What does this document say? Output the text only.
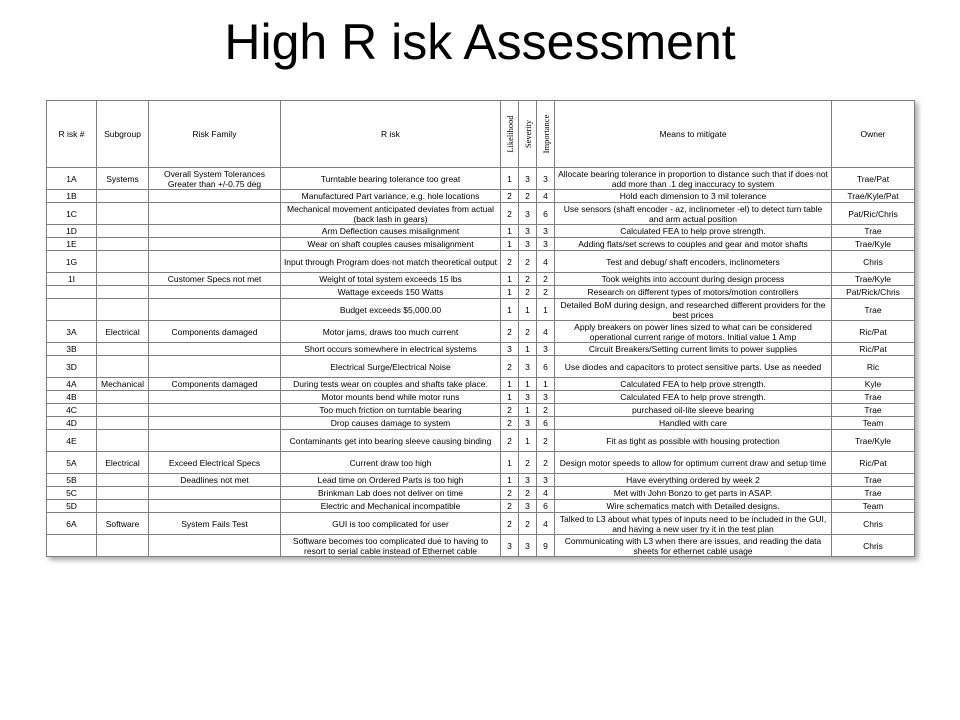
High R isk Assessment
R isk #	Subgroup	Risk Family	R isk	Likelihood	Severity	Importance	Means to mitigate	Owner
1A	Systems	Overall System Tolerances Greater than +/-0.75 deg	Turntable bearing tolerance too great	1	3	3	Allocate bearing tolerance in proportion to distance such that if does not add more than .1 deg inaccuracy to system	Trae/Pat
1B			Manufactured Part variance, e.g. hole locations	2	2	4	Hold each dimension to 3 mil tolerance	Trae/Kyle/Pat
1C			Mechanical movement anticipated deviates from actual (back lash in gears)	2	3	6	Use sensors (shaft encoder - az, inclinometer -el) to detect turn table and arm actual position	Pat/Ric/Chris
1D			Arm Deflection causes misalignment	1	3	3	Calculated FEA to help prove strength.	Trae
1E			Wear on shaft couples causes misalignment	1	3	3	Adding flats/set screws to couples and gear and motor shafts	Trae/Kyle
1G			Input through Program does not match theoretical output	2	2	4	Test and debug/ shaft encoders, inclinometers	Chris
1I		Customer Specs not met	Weight of total system exceeds 15 lbs	1	2	2	Took weights into account during design process	Trae/Kyle
			Wattage exceeds 150 Watts	1	2	2	Research on different types of motors/motion controllers	Pat/Rick/Chris
			Budget exceeds $5,000.00	1	1	1	Detailed BoM during design, and researched different providers for the best prices	Trae
3A	Electrical	Components damaged	Motor jams, draws too much current	2	2	4	Apply breakers on power lines sized to what can be considered operational current range of motors. Initial value 1 Amp	Ric/Pat
3B			Short occurs somewhere in electrical systems	3	1	3	Circuit Breakers/Setting current limits to power supplies	Ric/Pat
3D			Electrical Surge/Electrical Noise	2	3	6	Use diodes and capacitors to protect sensitive parts. Use as needed	Ric
4A	Mechanical	Components damaged	During tests wear on couples and shafts take place.	1	1	1	Calculated FEA to help prove strength.	Kyle
4B			Motor mounts bend while motor runs	1	3	3	Calculated FEA to help prove strength.	Trae
4C			Too much friction on turntable bearing	2	1	2	purchased oil-lite sleeve bearing	Trae
4D			Drop causes damage to system	2	3	6	Handled with care	Team
4E			Contaminants get into bearing sleeve causing binding	2	1	2	Fit as tight as possible with housing protection	Trae/Kyle
5A	Electrical	Exceed Electrical Specs	Current draw too high	1	2	2	Design motor speeds to allow for optimum current draw and setup time	Ric/Pat
5B		Deadlines not met	Lead time on Ordered Parts is too high	1	3	3	Have everything ordered by week 2	Trae
5C			Brinkman Lab does not deliver on time	2	2	4	Met with John Bonzo to get parts in ASAP.	Trae
5D			Electric and Mechanical incompatible	2	3	6	Wire schematics match with Detailed designs.	Team
6A	Software	System Fails Test	GUI is too complicated for user	2	2	4	Talked to L3 about what types of inputs need to be included in the GUI, and having a new user try it in the test plan	Chris
			Software becomes too complicated due to having to resort to serial cable instead of Ethernet cable	3	3	9	Communicating with L3 when there are issues, and reading the data sheets for ethernet cable usage	Chris
